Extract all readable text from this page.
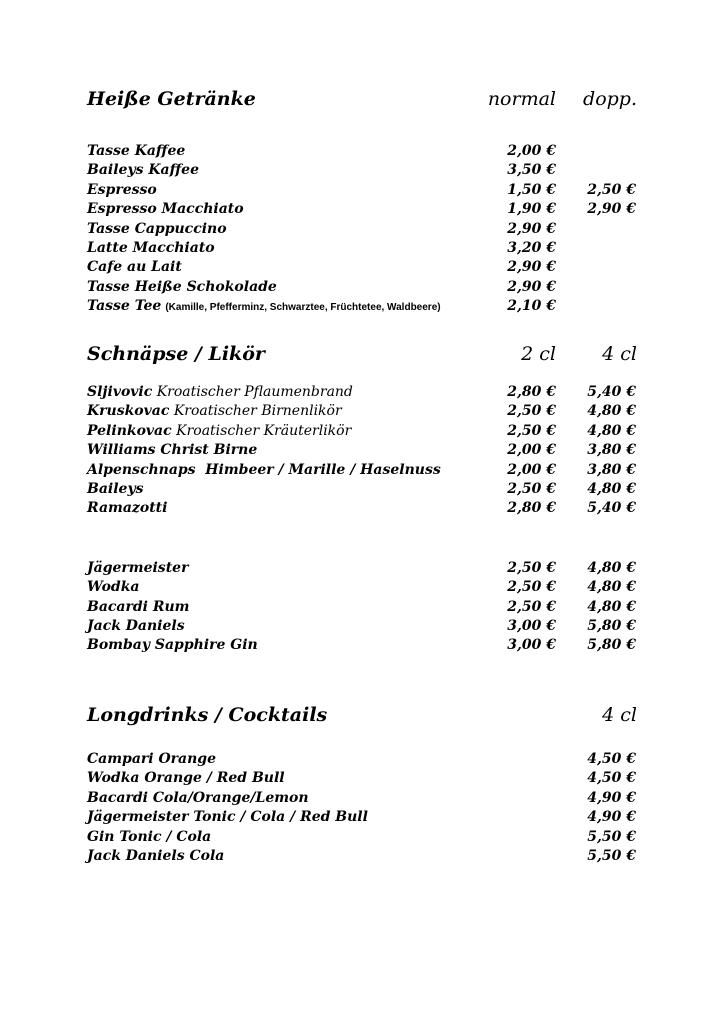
Heiße Getränke	normal dopp.
Tasse Kaffee	2,00 €
Baileys Kaffee	3,50 €
Espresso	1,50 € 2,50 €
Espresso Macchiato	1,90 € 2,90 €
Tasse Cappuccino	2,90 €
Latte Macchiato	3,20 €
Cafe au Lait	2,90 €
Tasse Heiße Schokolade	2,90 €
Tasse Tee (Kamille, Pfefferminz, Schwarztee, Früchtetee, Waldbeere)	2,10 €
Schnäpse / Likör	2 cl 4 cl
Sljivovic Kroatischer Pflaumenbrand	2,80 € 5,40 €
Kruskovac Kroatischer Birnenlikör	2,50 € 4,80 €
Pelinkovac Kroatischer Kräuterlikör	2,50 € 4,80 €
Williams Christ Birne	2,00 € 3,80 €
Alpenschnaps  Himbeer / Marille / Haselnuss	2,00 € 3,80 €
Baileys	2,50 € 4,80 €
Ramazotti	2,80 € 5,40 €
Jägermeister	2,50 € 4,80 €
Wodka	2,50 € 4,80 €
Bacardi Rum	2,50 € 4,80 €
Jack Daniels	3,00 € 5,80 €
Bombay Sapphire Gin	3,00 € 5,80 €
Longdrinks / Cocktails	4 cl
Campari Orange	4,50 €
Wodka Orange / Red Bull	4,50 €
Bacardi Cola/Orange/Lemon	4,90 €
Jägermeister Tonic / Cola / Red Bull	4,90 €
Gin Tonic / Cola	5,50 €
Jack Daniels Cola	5,50 €
